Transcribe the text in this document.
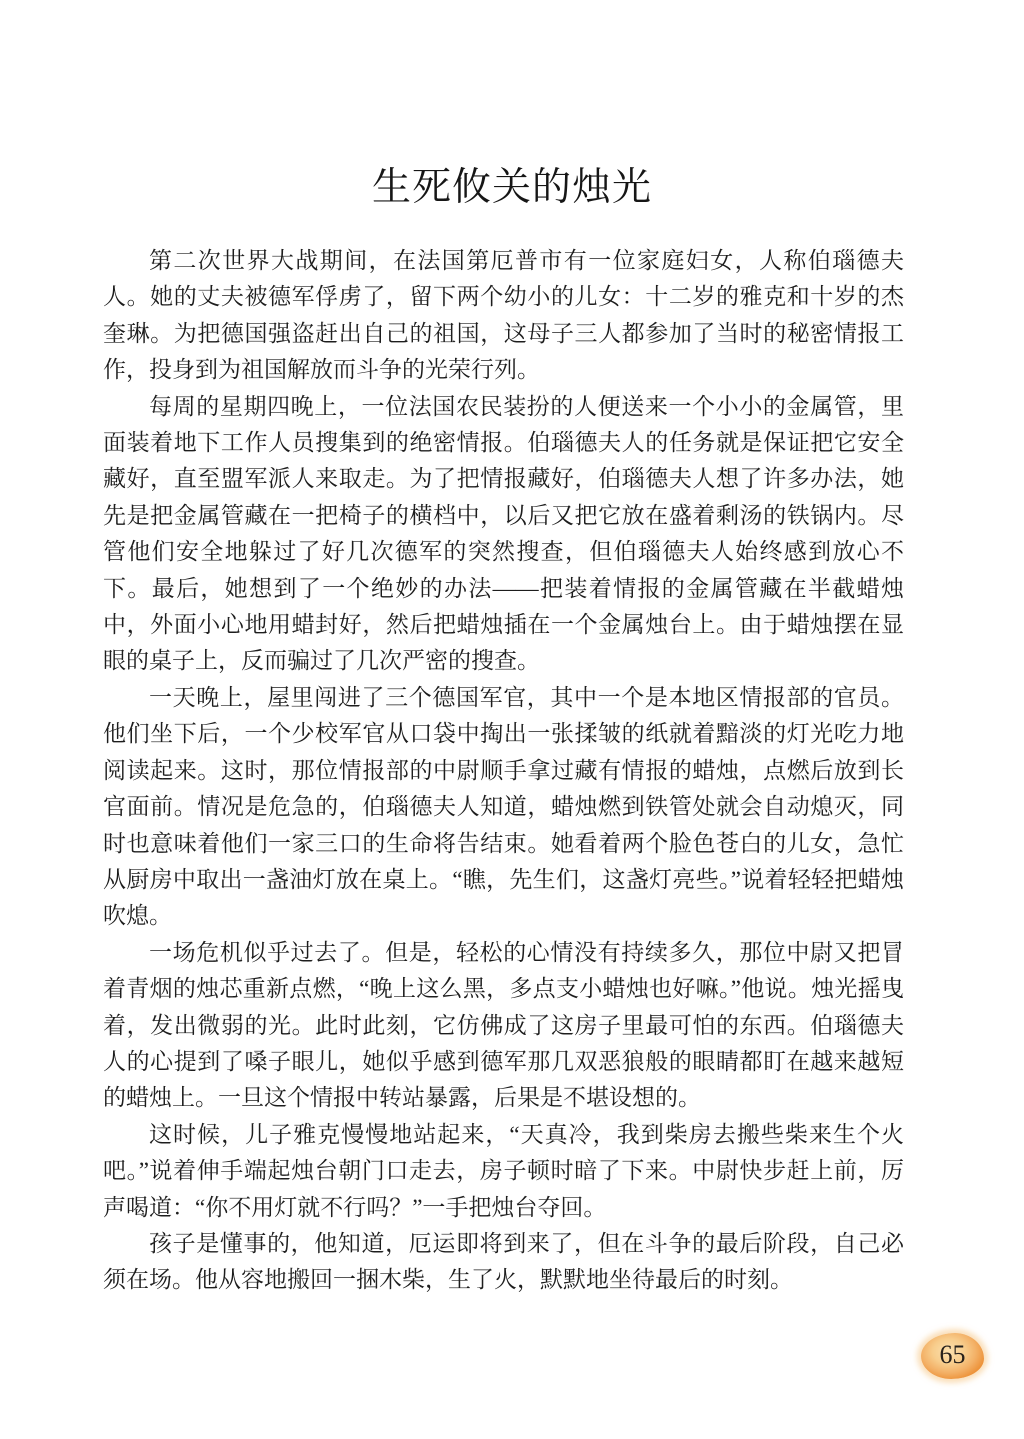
生死攸关的烛光

第二次世界大战期间，在法国第厄普市有一位家庭妇女，人称伯瑙德夫人。她的丈夫被德军俘虏了，留下两个幼小的儿女：十二岁的雅克和十岁的杰奎琳。为把德国强盗赶出自己的祖国，这母子三人都参加了当时的秘密情报工作，投身到为祖国解放而斗争的光荣行列。

每周的星期四晚上，一位法国农民装扮的人便送来一个小小的金属管，里面装着地下工作人员搜集到的绝密情报。伯瑙德夫人的任务就是保证把它安全藏好，直至盟军派人来取走。为了把情报藏好，伯瑙德夫人想了许多办法，她先是把金属管藏在一把椅子的横档中，以后又把它放在盛着剩汤的铁锅内。尽管他们安全地躲过了好几次德军的突然搜查，但伯瑙德夫人始终感到放心不下。最后，她想到了一个绝妙的办法——把装着情报的金属管藏在半截蜡烛中，外面小心地用蜡封好，然后把蜡烛插在一个金属烛台上。由于蜡烛摆在显眼的桌子上，反而骗过了几次严密的搜查。

一天晚上，屋里闯进了三个德国军官，其中一个是本地区情报部的官员。他们坐下后，一个少校军官从口袋中掏出一张揉皱的纸就着黯淡的灯光吃力地阅读起来。这时，那位情报部的中尉顺手拿过藏有情报的蜡烛，点燃后放到长官面前。情况是危急的，伯瑙德夫人知道，蜡烛燃到铁管处就会自动熄灭，同时也意味着他们一家三口的生命将告结束。她看着两个脸色苍白的儿女，急忙从厨房中取出一盏油灯放在桌上。“瞧，先生们，这盏灯亮些。”说着轻轻把蜡烛吹熄。

一场危机似乎过去了。但是，轻松的心情没有持续多久，那位中尉又把冒着青烟的烛芯重新点燃，“晚上这么黑，多点支小蜡烛也好嘛。”他说。烛光摇曳着，发出微弱的光。此时此刻，它仿佛成了这房子里最可怕的东西。伯瑙德夫人的心提到了嗓子眼儿，她似乎感到德军那几双恶狼般的眼睛都盯在越来越短的蜡烛上。一旦这个情报中转站暴露，后果是不堪设想的。

这时候，儿子雅克慢慢地站起来，“天真冷，我到柴房去搬些柴来生个火吧。”说着伸手端起烛台朝门口走去，房子顿时暗了下来。中尉快步赶上前，厉声喝道：“你不用灯就不行吗？”一手把烛台夺回。

孩子是懂事的，他知道，厄运即将到来了，但在斗争的最后阶段，自己必须在场。他从容地搬回一捆木柴，生了火，默默地坐待最后的时刻。

65
